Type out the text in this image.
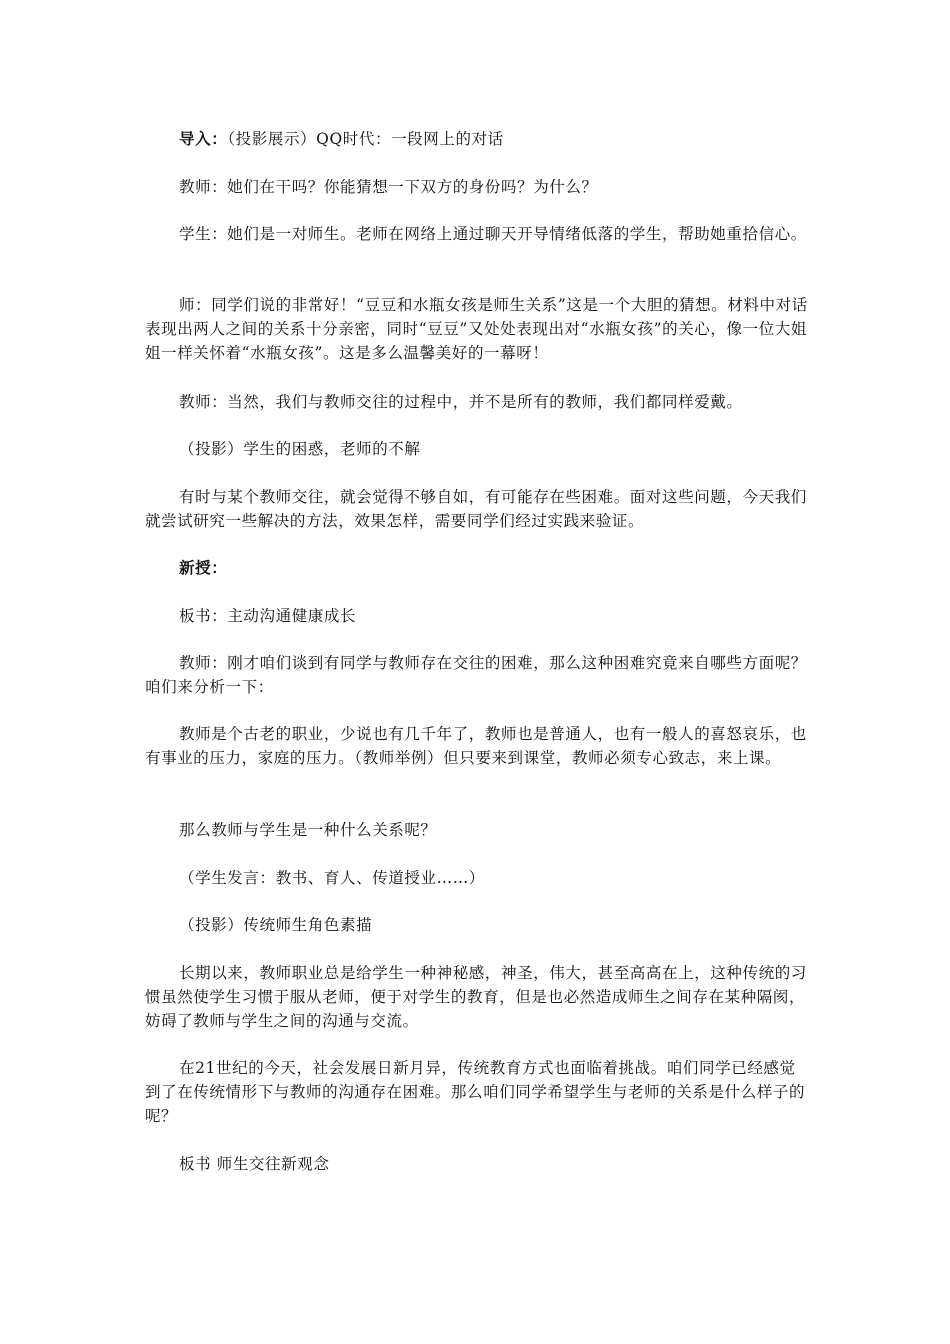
导入：（投影展示）QQ时代：一段网上的对话

教师：她们在干吗？你能猜想一下双方的身份吗？为什么？

学生：她们是一对师生。老师在网络上通过聊天开导情绪低落的学生，帮助她重拾信心。

师：同学们说的非常好！“豆豆和水瓶女孩是师生关系”这是一个大胆的猜想。材料中对话表现出两人之间的关系十分亲密，同时“豆豆”又处处表现出对“水瓶女孩”的关心，像一位大姐姐一样关怀着“水瓶女孩”。这是多么温馨美好的一幕呀！

教师：当然，我们与教师交往的过程中，并不是所有的教师，我们都同样爱戴。

（投影）学生的困惑，老师的不解

有时与某个教师交往，就会觉得不够自如，有可能存在些困难。面对这些问题，今天我们就尝试研究一些解决的方法，效果怎样，需要同学们经过实践来验证。

新授：

板书：主动沟通健康成长

教师：刚才咱们谈到有同学与教师存在交往的困难，那么这种困难究竟来自哪些方面呢？咱们来分析一下：

教师是个古老的职业，少说也有几千年了，教师也是普通人，也有一般人的喜怒哀乐，也有事业的压力，家庭的压力。（教师举例）但只要来到课堂，教师必须专心致志，来上课。

那么教师与学生是一种什么关系呢？

（学生发言：教书、育人、传道授业……）

（投影）传统师生角色素描

长期以来，教师职业总是给学生一种神秘感，神圣，伟大，甚至高高在上，这种传统的习惯虽然使学生习惯于服从老师，便于对学生的教育，但是也必然造成师生之间存在某种隔阂，妨碍了教师与学生之间的沟通与交流。

在21世纪的今天，社会发展日新月异，传统教育方式也面临着挑战。咱们同学已经感觉到了在传统情形下与教师的沟通存在困难。那么咱们同学希望学生与老师的关系是什么样子的呢？

板书 师生交往新观念
